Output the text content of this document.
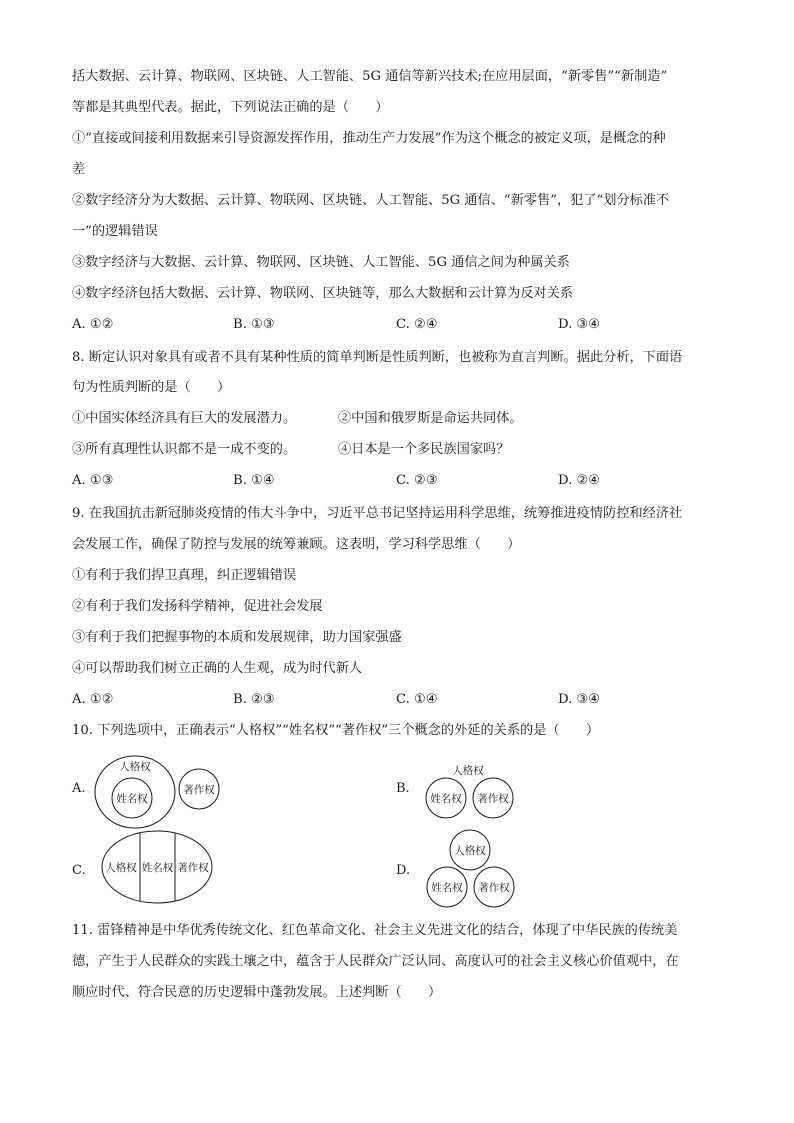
括大数据、云计算、物联网、区块链、人工智能、5G 通信等新兴技术;在应用层面，“新零售”“新制造”
等都是其典型代表。据此，下列说法正确的是（　　）
①“直接或间接利用数据来引导资源发挥作用，推动生产力发展”作为这个概念的被定义项，是概念的种
差
②数字经济分为大数据、云计算、物联网、区块链、人工智能、5G 通信、“新零售”，犯了“划分标准不
一”的逻辑错误
③数字经济与大数据、云计算、物联网、区块链、人工智能、5G 通信之间为种属关系
④数字经济包括大数据、云计算、物联网、区块链等，那么大数据和云计算为反对关系
A. ①②	B. ①③	C. ②④	D. ③④
8. 断定认识对象具有或者不具有某种性质的简单判断是性质判断，也被称为直言判断。据此分析，下面语
句为性质判断的是（　　）
①中国实体经济具有巨大的发展潜力。	②中国和俄罗斯是命运共同体。
③所有真理性认识都不是一成不变的。	④日本是一个多民族国家吗？
A. ①③	B. ①④	C. ②③	D. ②④
9. 在我国抗击新冠肺炎疫情的伟大斗争中，习近平总书记坚持运用科学思维，统筹推进疫情防控和经济社
会发展工作，确保了防控与发展的统筹兼顾。这表明，学习科学思维（　　）
①有利于我们捍卫真理，纠正逻辑错误
②有利于我们发扬科学精神，促进社会发展
③有利于我们把握事物的本质和发展规律，助力国家强盛
④可以帮助我们树立正确的人生观，成为时代新人
A. ①②	B. ②③	C. ①④	D. ③④
10. 下列选项中，正确表示“人格权”“姓名权”“著作权”三个概念的外延的关系的是（　　）
A.
人格权
姓名权
著作权	B.
人格权
姓名权 著作权
C. 人格权 姓名权 著作权	D.
人格权
姓名权 著作权
11. 雷锋精神是中华优秀传统文化、红色革命文化、社会主义先进文化的结合，体现了中华民族的传统美
德，产生于人民群众的实践土壤之中，蕴含于人民群众广泛认同、高度认可的社会主义核心价值观中，在
顺应时代、符合民意的历史逻辑中蓬勃发展。上述判断（　　）
